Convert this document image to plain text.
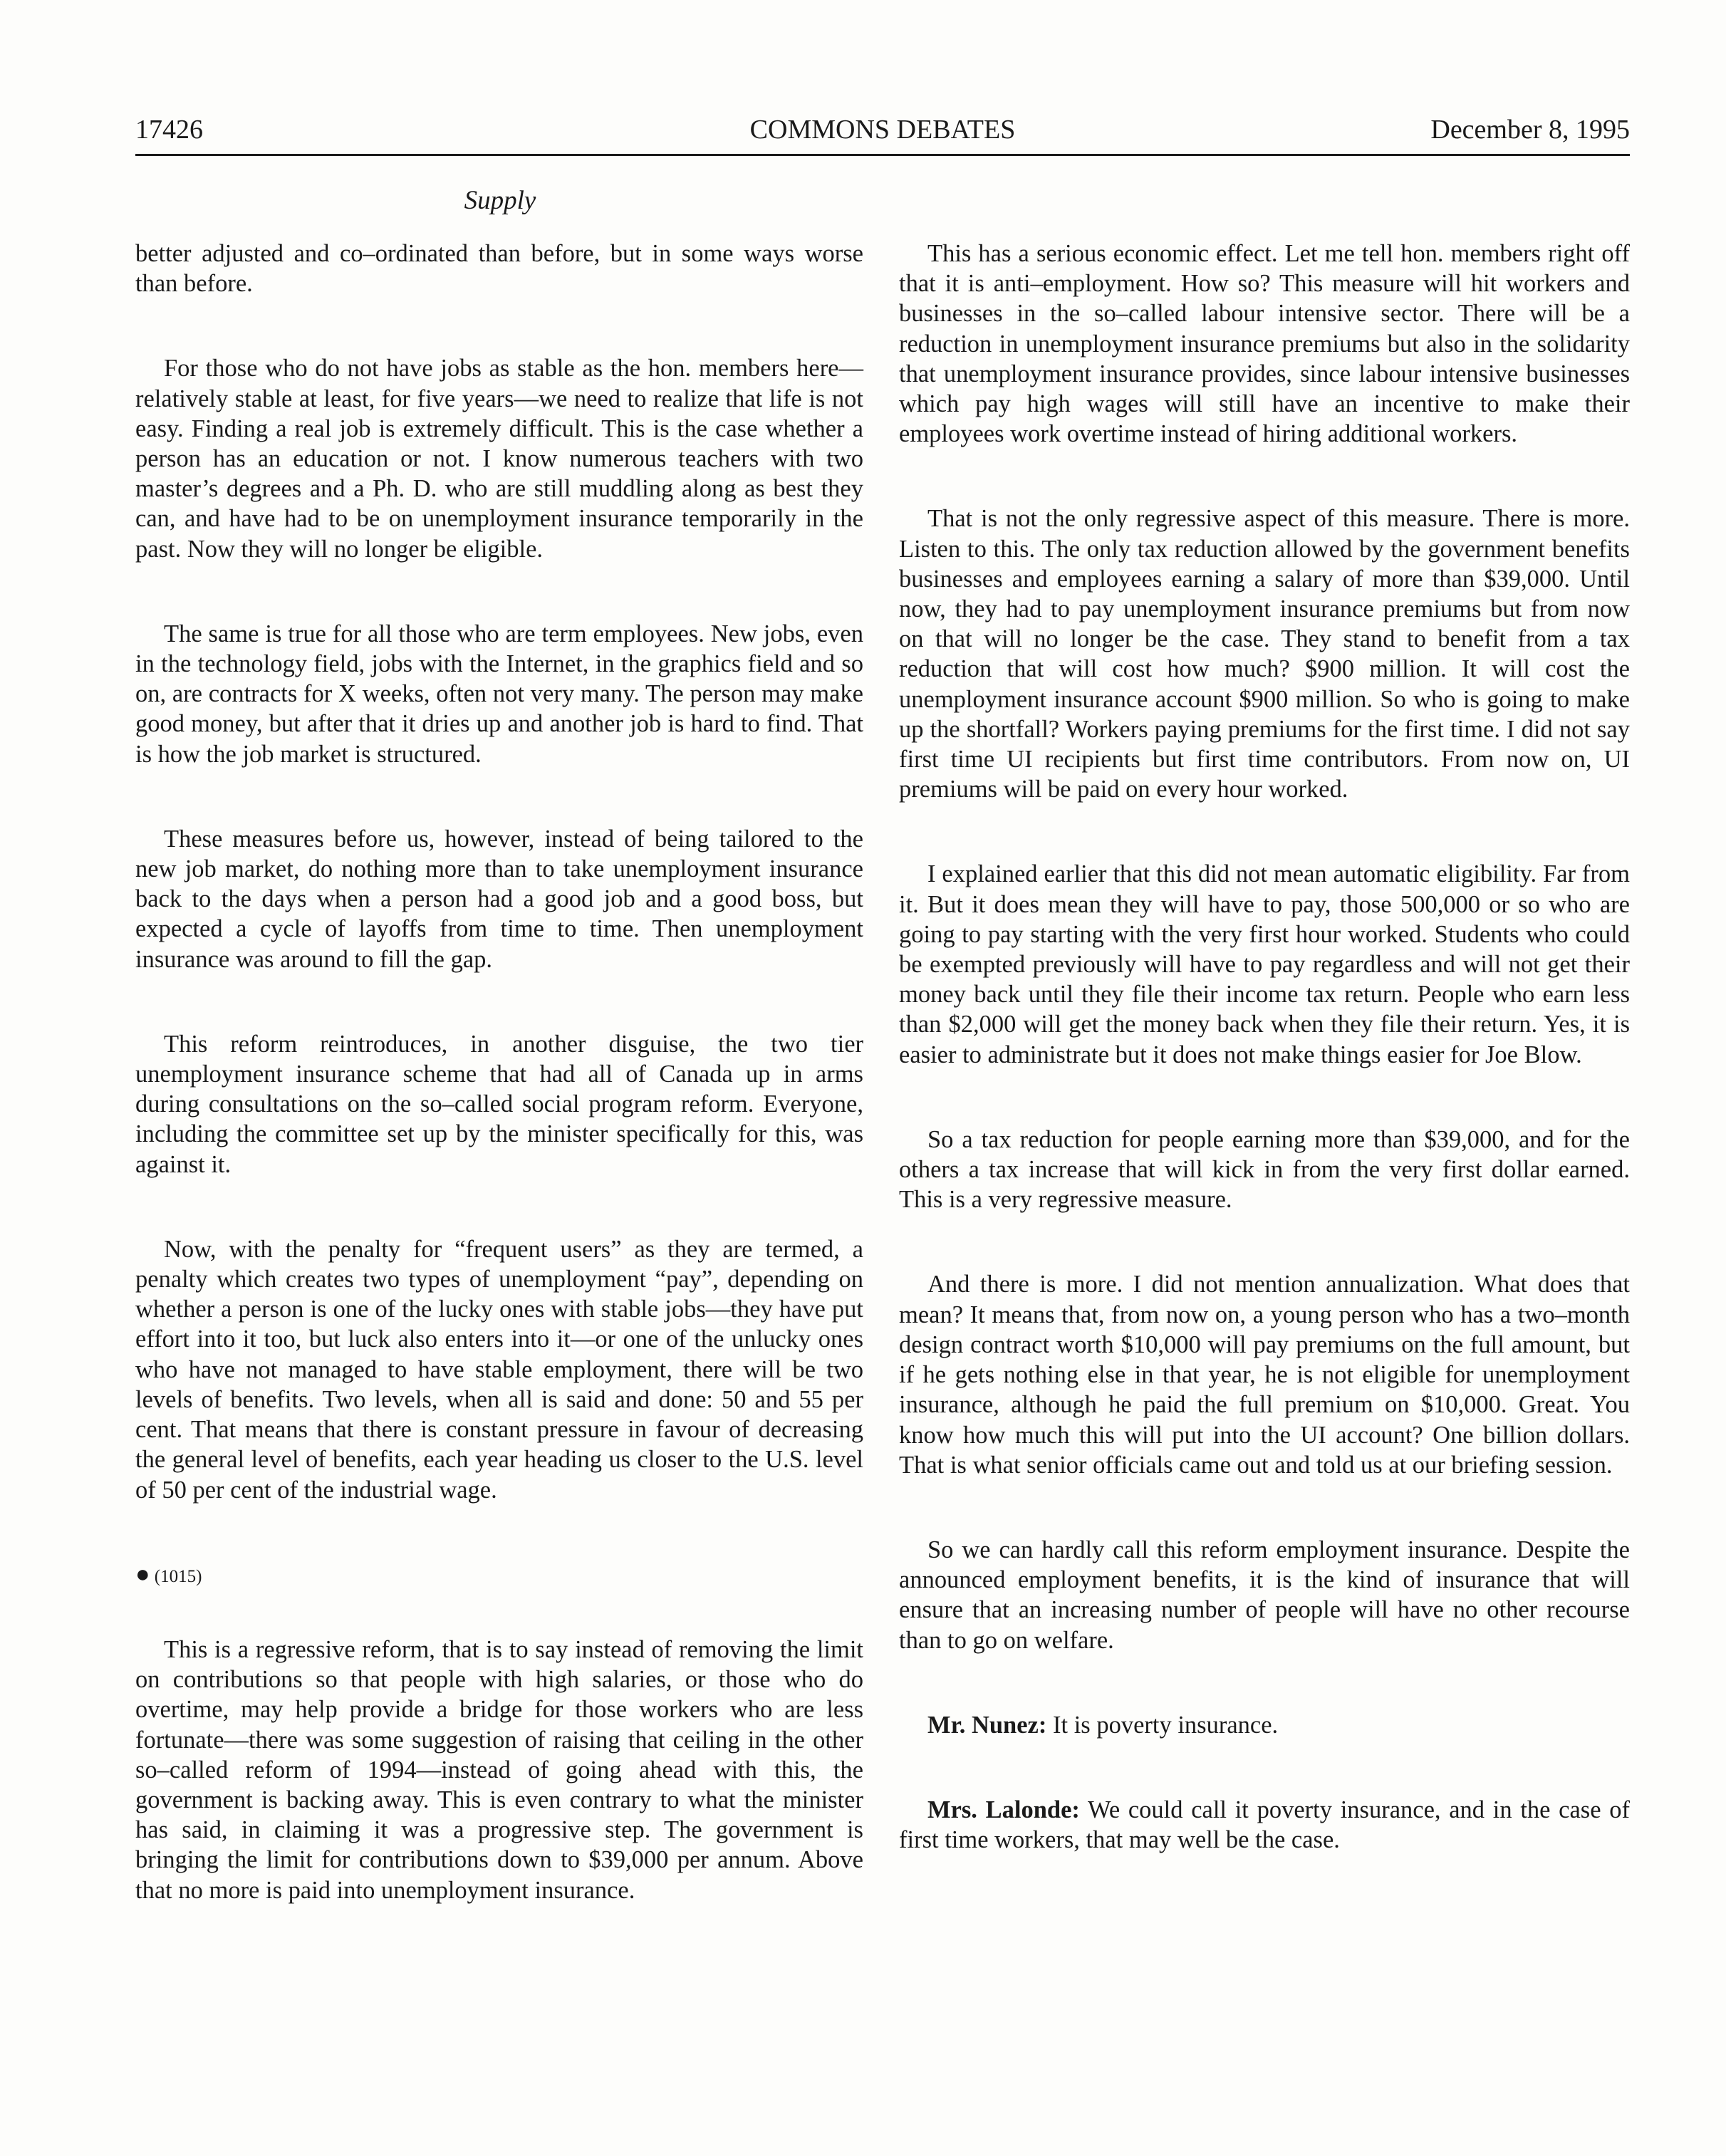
17426	COMMONS DEBATES	December 8, 1995
Supply

better adjusted and co–ordinated than before, but in some ways worse than before.

For those who do not have jobs as stable as the hon. members here—relatively stable at least, for five years—we need to realize that life is not easy. Finding a real job is extremely difficult. This is the case whether a person has an education or not. I know numerous teachers with two master’s degrees and a Ph. D. who are still muddling along as best they can, and have had to be on unemployment insurance temporarily in the past. Now they will no longer be eligible.

The same is true for all those who are term employees. New jobs, even in the technology field, jobs with the Internet, in the graphics field and so on, are contracts for X weeks, often not very many. The person may make good money, but after that it dries up and another job is hard to find. That is how the job market is structured.

These measures before us, however, instead of being tailored to the new job market, do nothing more than to take unemployment insurance back to the days when a person had a good job and a good boss, but expected a cycle of layoffs from time to time. Then unemployment insurance was around to fill the gap.

This reform reintroduces, in another disguise, the two tier unemployment insurance scheme that had all of Canada up in arms during consultations on the so–called social program reform. Everyone, including the committee set up by the minister specifically for this, was against it.

Now, with the penalty for “frequent users” as they are termed, a penalty which creates two types of unemployment “pay”, depending on whether a person is one of the lucky ones with stable jobs—they have put effort into it too, but luck also enters into it—or one of the unlucky ones who have not managed to have stable employment, there will be two levels of benefits. Two levels, when all is said and done: 50 and 55 per cent. That means that there is constant pressure in favour of decreasing the general level of benefits, each year heading us closer to the U.S. level of 50 per cent of the industrial wage.

● (1015)

This is a regressive reform, that is to say instead of removing the limit on contributions so that people with high salaries, or those who do overtime, may help provide a bridge for those workers who are less fortunate—there was some suggestion of raising that ceiling in the other so–called reform of 1994—instead of going ahead with this, the government is backing away. This is even contrary to what the minister has said, in claiming it was a progressive step. The government is bringing the limit for contributions down to $39,000 per annum. Above that no more is paid into unemployment insurance.

This has a serious economic effect. Let me tell hon. members right off that it is anti–employment. How so? This measure will hit workers and businesses in the so–called labour intensive sector. There will be a reduction in unemployment insurance premiums but also in the solidarity that unemployment insurance provides, since labour intensive businesses which pay high wages will still have an incentive to make their employees work overtime instead of hiring additional workers.

That is not the only regressive aspect of this measure. There is more. Listen to this. The only tax reduction allowed by the government benefits businesses and employees earning a salary of more than $39,000. Until now, they had to pay unemployment insurance premiums but from now on that will no longer be the case. They stand to benefit from a tax reduction that will cost how much? $900 million. It will cost the unemployment insurance account $900 million. So who is going to make up the shortfall? Workers paying premiums for the first time. I did not say first time UI recipients but first time contributors. From now on, UI premiums will be paid on every hour worked.

I explained earlier that this did not mean automatic eligibility. Far from it. But it does mean they will have to pay, those 500,000 or so who are going to pay starting with the very first hour worked. Students who could be exempted previously will have to pay regardless and will not get their money back until they file their income tax return. People who earn less than $2,000 will get the money back when they file their return. Yes, it is easier to administrate but it does not make things easier for Joe Blow.

So a tax reduction for people earning more than $39,000, and for the others a tax increase that will kick in from the very first dollar earned. This is a very regressive measure.

And there is more. I did not mention annualization. What does that mean? It means that, from now on, a young person who has a two–month design contract worth $10,000 will pay premiums on the full amount, but if he gets nothing else in that year, he is not eligible for unemployment insurance, although he paid the full premium on $10,000. Great. You know how much this will put into the UI account? One billion dollars. That is what senior officials came out and told us at our briefing session.

So we can hardly call this reform employment insurance. Despite the announced employment benefits, it is the kind of insurance that will ensure that an increasing number of people will have no other recourse than to go on welfare.

Mr. Nunez: It is poverty insurance.

Mrs. Lalonde: We could call it poverty insurance, and in the case of first time workers, that may well be the case.
